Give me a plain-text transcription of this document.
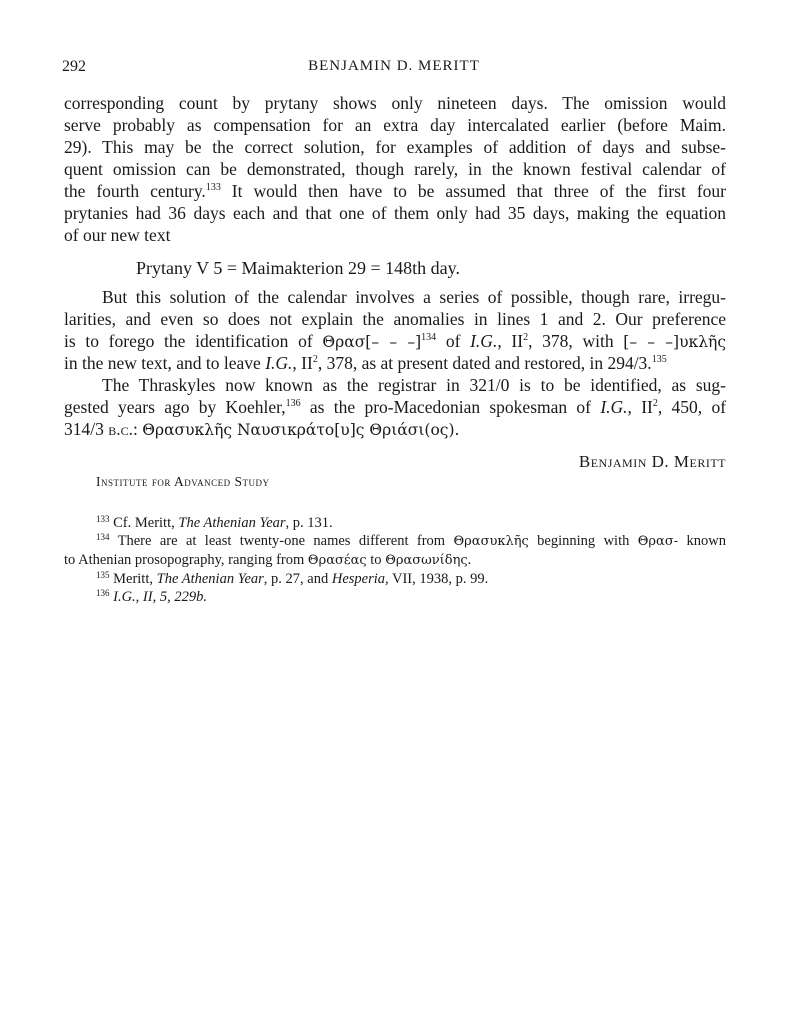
292	BENJAMIN D. MERITT
corresponding count by prytany shows only nineteen days. The omission would
serve probably as compensation for an extra day intercalated earlier (before Maim.
29). This may be the correct solution, for examples of addition of days and subse-
quent omission can be demonstrated, though rarely, in the known festival calendar of
the fourth century.$^{133}$ It would then have to be assumed that three of the first four
prytanies had 36 days each and that one of them only had 35 days, making the equation
of our new text
Prytany V 5 = Maimakterion 29 = 148th day.
But this solution of the calendar involves a series of possible, though rare, irregu-
larities, and even so does not explain the anomalies in lines 1 and 2. Our preference
is to forego the identification of Θρασ[– – –]$^{134}$ of I.G., $II^2$, 378, with [– – –]υκλῆς
in the new text, and to leave I.G., $II^2$, 378, as at present dated and restored, in 294/3.$^{135}$
The Thraskyles now known as the registrar in 321/0 is to be identified, as sug-
gested years ago by Koehler,$^{136}$ as the pro-Macedonian spokesman of I.G., $II^2$, 450, of
314/3 b.c.: Θρασυκλῆς Ναυσικράτο[υ]ς Θριάσι(ος).
Benjamin D. Meritt
Institute for Advanced Study
$^{133}$ Cf. Meritt, The Athenian Year, p. 131.
$^{134}$ There are at least twenty-one names different from Θρασυκλῆς beginning with Θρασ- known
to Athenian prosopography, ranging from Θρασέας to Θρασωνίδης.
$^{135}$ Meritt, The Athenian Year, p. 27, and Hesperia, VII, 1938, p. 99.
$^{136}$ I.G., II, 5, 229b.
